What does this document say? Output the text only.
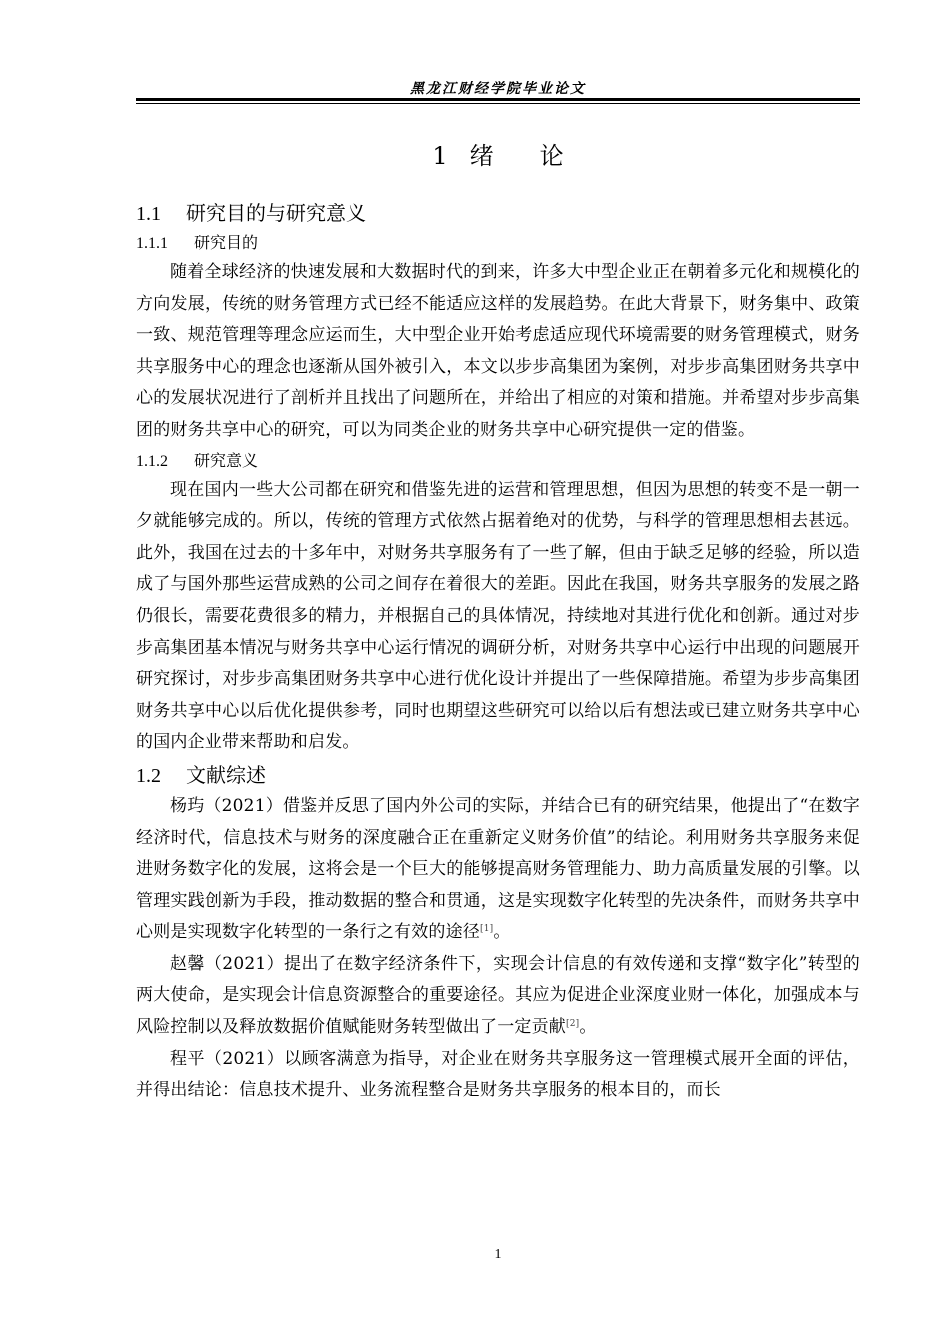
黑龙江财经学院毕业论文
1 绪 论
1.1 研究目的与研究意义
1.1.1 研究目的

随着全球经济的快速发展和大数据时代的到来，许多大中型企业正在朝着多元化和规模化的方向发展，传统的财务管理方式已经不能适应这样的发展趋势。在此大背景下，财务集中、政策一致、规范管理等理念应运而生，大中型企业开始考虑适应现代环境需要的财务管理模式，财务共享服务中心的理念也逐渐从国外被引入，本文以步步高集团为案例，对步步高集团财务共享中心的发展状况进行了剖析并且找出了问题所在，并给出了相应的对策和措施。并希望对步步高集团的财务共享中心的研究，可以为同类企业的财务共享中心研究提供一定的借鉴。

1.1.2 研究意义

现在国内一些大公司都在研究和借鉴先进的运营和管理思想，但因为思想的转变不是一朝一夕就能够完成的。所以，传统的管理方式依然占据着绝对的优势，与科学的管理思想相去甚远。此外，我国在过去的十多年中，对财务共享服务有了一些了解，但由于缺乏足够的经验，所以造成了与国外那些运营成熟的公司之间存在着很大的差距。因此在我国，财务共享服务的发展之路仍很长，需要花费很多的精力，并根据自己的具体情况，持续地对其进行优化和创新。通过对步步高集团基本情况与财务共享中心运行情况的调研分析，对财务共享中心运行中出现的问题展开研究探讨，对步步高集团财务共享中心进行优化设计并提出了一些保障措施。希望为步步高集团财务共享中心以后优化提供参考，同时也期望这些研究可以给以后有想法或已建立财务共享中心的国内企业带来帮助和启发。

1.2 文献综述

杨玙（2021）借鉴并反思了国内外公司的实际，并结合已有的研究结果，他提出了“在数字经济时代，信息技术与财务的深度融合正在重新定义财务价值”的结论。利用财务共享服务来促进财务数字化的发展，这将会是一个巨大的能够提高财务管理能力、助力高质量发展的引擎。以管理实践创新为手段，推动数据的整合和贯通，这是实现数字化转型的先决条件，而财务共享中心则是实现数字化转型的一条行之有效的途径[1]。

赵馨（2021）提出了在数字经济条件下，实现会计信息的有效传递和支撑“数字化”转型的两大使命，是实现会计信息资源整合的重要途径。其应为促进企业深度业财一体化，加强成本与风险控制以及释放数据价值赋能财务转型做出了一定贡献[2]。

程平（2021）以顾客满意为指导，对企业在财务共享服务这一管理模式展开全面的评估，并得出结论：信息技术提升、业务流程整合是财务共享服务的根本目的，而长

1
